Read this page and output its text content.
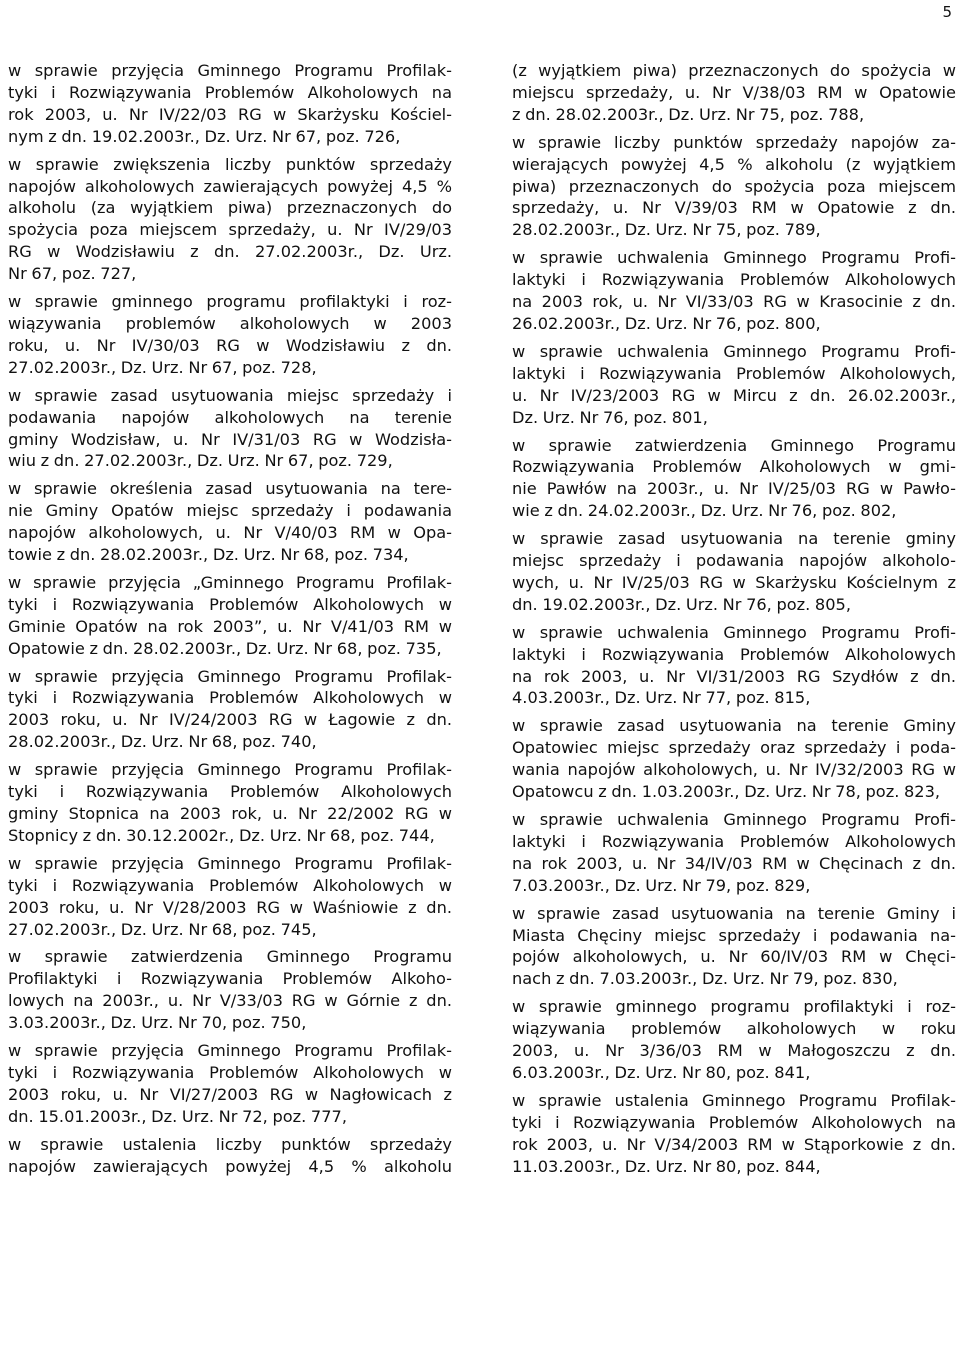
5
w sprawie przyjęcia Gminnego Programu Profilak-
tyki i Rozwiązywania Problemów Alkoholowych na
rok 2003, u. Nr IV/22/03 RG w Skarżysku Kościel-
nym z dn. 19.02.2003r., Dz. Urz. Nr 67, poz. 726,
w sprawie zwiększenia liczby punktów sprzedaży
napojów alkoholowych zawierających powyżej 4,5 %
alkoholu (za wyjątkiem piwa) przeznaczonych do
spożycia poza miejscem sprzedaży, u. Nr IV/29/03
RG w Wodzisławiu z dn. 27.02.2003r., Dz. Urz.
Nr 67, poz. 727,
w sprawie gminnego programu profilaktyki i roz-
wiązywania problemów alkoholowych w 2003
roku, u. Nr IV/30/03 RG w Wodzisławiu z dn.
27.02.2003r., Dz. Urz. Nr 67, poz. 728,
w sprawie zasad usytuowania miejsc sprzedaży i
podawania napojów alkoholowych na terenie
gminy Wodzisław, u. Nr IV/31/03 RG w Wodzisła-
wiu z dn. 27.02.2003r., Dz. Urz. Nr 67, poz. 729,
w sprawie określenia zasad usytuowania na tere-
nie Gminy Opatów miejsc sprzedaży i podawania
napojów alkoholowych, u. Nr V/40/03 RM w Opa-
towie z dn. 28.02.2003r., Dz. Urz. Nr 68, poz. 734,
w sprawie przyjęcia „Gminnego Programu Profilak-
tyki i Rozwiązywania Problemów Alkoholowych w
Gminie Opatów na rok 2003”, u. Nr V/41/03 RM w
Opatowie z dn. 28.02.2003r., Dz. Urz. Nr 68, poz. 735,
w sprawie przyjęcia Gminnego Programu Profilak-
tyki i Rozwiązywania Problemów Alkoholowych w
2003 roku, u. Nr IV/24/2003 RG w Łagowie z dn.
28.02.2003r., Dz. Urz. Nr 68, poz. 740,
w sprawie przyjęcia Gminnego Programu Profilak-
tyki i Rozwiązywania Problemów Alkoholowych
gminy Stopnica na 2003 rok, u. Nr 22/2002 RG w
Stopnicy z dn. 30.12.2002r., Dz. Urz. Nr 68, poz. 744,
w sprawie przyjęcia Gminnego Programu Profilak-
tyki i Rozwiązywania Problemów Alkoholowych w
2003 roku, u. Nr V/28/2003 RG w Waśniowie z dn.
27.02.2003r., Dz. Urz. Nr 68, poz. 745,
w sprawie zatwierdzenia Gminnego Programu
Profilaktyki i Rozwiązywania Problemów Alkoho-
lowych na 2003r., u. Nr V/33/03 RG w Górnie z dn.
3.03.2003r., Dz. Urz. Nr 70, poz. 750,
w sprawie przyjęcia Gminnego Programu Profilak-
tyki i Rozwiązywania Problemów Alkoholowych w
2003 roku, u. Nr VI/27/2003 RG w Nagłowicach z
dn. 15.01.2003r., Dz. Urz. Nr 72, poz. 777,
w sprawie ustalenia liczby punktów sprzedaży
napojów zawierających powyżej 4,5 % alkoholu
(z wyjątkiem piwa) przeznaczonych do spożycia w
miejscu sprzedaży, u. Nr V/38/03 RM w Opatowie
z dn. 28.02.2003r., Dz. Urz. Nr 75, poz. 788,
w sprawie liczby punktów sprzedaży napojów za-
wierających powyżej 4,5 % alkoholu (z wyjątkiem
piwa) przeznaczonych do spożycia poza miejscem
sprzedaży, u. Nr V/39/03 RM w Opatowie z dn.
28.02.2003r., Dz. Urz. Nr 75, poz. 789,
w sprawie uchwalenia Gminnego Programu Profi-
laktyki i Rozwiązywania Problemów Alkoholowych
na 2003 rok, u. Nr VI/33/03 RG w Krasocinie z dn.
26.02.2003r., Dz. Urz. Nr 76, poz. 800,
w sprawie uchwalenia Gminnego Programu Profi-
laktyki i Rozwiązywania Problemów Alkoholowych,
u. Nr IV/23/2003 RG w Mircu z dn. 26.02.2003r.,
Dz. Urz. Nr 76, poz. 801,
w sprawie zatwierdzenia Gminnego Programu
Rozwiązywania Problemów Alkoholowych w gmi-
nie Pawłów na 2003r., u. Nr IV/25/03 RG w Pawło-
wie z dn. 24.02.2003r., Dz. Urz. Nr 76, poz. 802,
w sprawie zasad usytuowania na terenie gminy
miejsc sprzedaży i podawania napojów alkoholo-
wych, u. Nr IV/25/03 RG w Skarżysku Kościelnym z
dn. 19.02.2003r., Dz. Urz. Nr 76, poz. 805,
w sprawie uchwalenia Gminnego Programu Profi-
laktyki i Rozwiązywania Problemów Alkoholowych
na rok 2003, u. Nr VI/31/2003 RG Szydłów z dn.
4.03.2003r., Dz. Urz. Nr 77, poz. 815,
w sprawie zasad usytuowania na terenie Gminy
Opatowiec miejsc sprzedaży oraz sprzedaży i poda-
wania napojów alkoholowych, u. Nr IV/32/2003 RG w
Opatowcu z dn. 1.03.2003r., Dz. Urz. Nr 78, poz. 823,
w sprawie uchwalenia Gminnego Programu Profi-
laktyki i Rozwiązywania Problemów Alkoholowych
na rok 2003, u. Nr 34/IV/03 RM w Chęcinach z dn.
7.03.2003r., Dz. Urz. Nr 79, poz. 829,
w sprawie zasad usytuowania na terenie Gminy i
Miasta Chęciny miejsc sprzedaży i podawania na-
pojów alkoholowych, u. Nr 60/IV/03 RM w Chęci-
nach z dn. 7.03.2003r., Dz. Urz. Nr 79, poz. 830,
w sprawie gminnego programu profilaktyki i roz-
wiązywania problemów alkoholowych w roku
2003, u. Nr 3/36/03 RM w Małogoszczu z dn.
6.03.2003r., Dz. Urz. Nr 80, poz. 841,
w sprawie ustalenia Gminnego Programu Profilak-
tyki i Rozwiązywania Problemów Alkoholowych na
rok 2003, u. Nr V/34/2003 RM w Stąporkowie z dn.
11.03.2003r., Dz. Urz. Nr 80, poz. 844,
